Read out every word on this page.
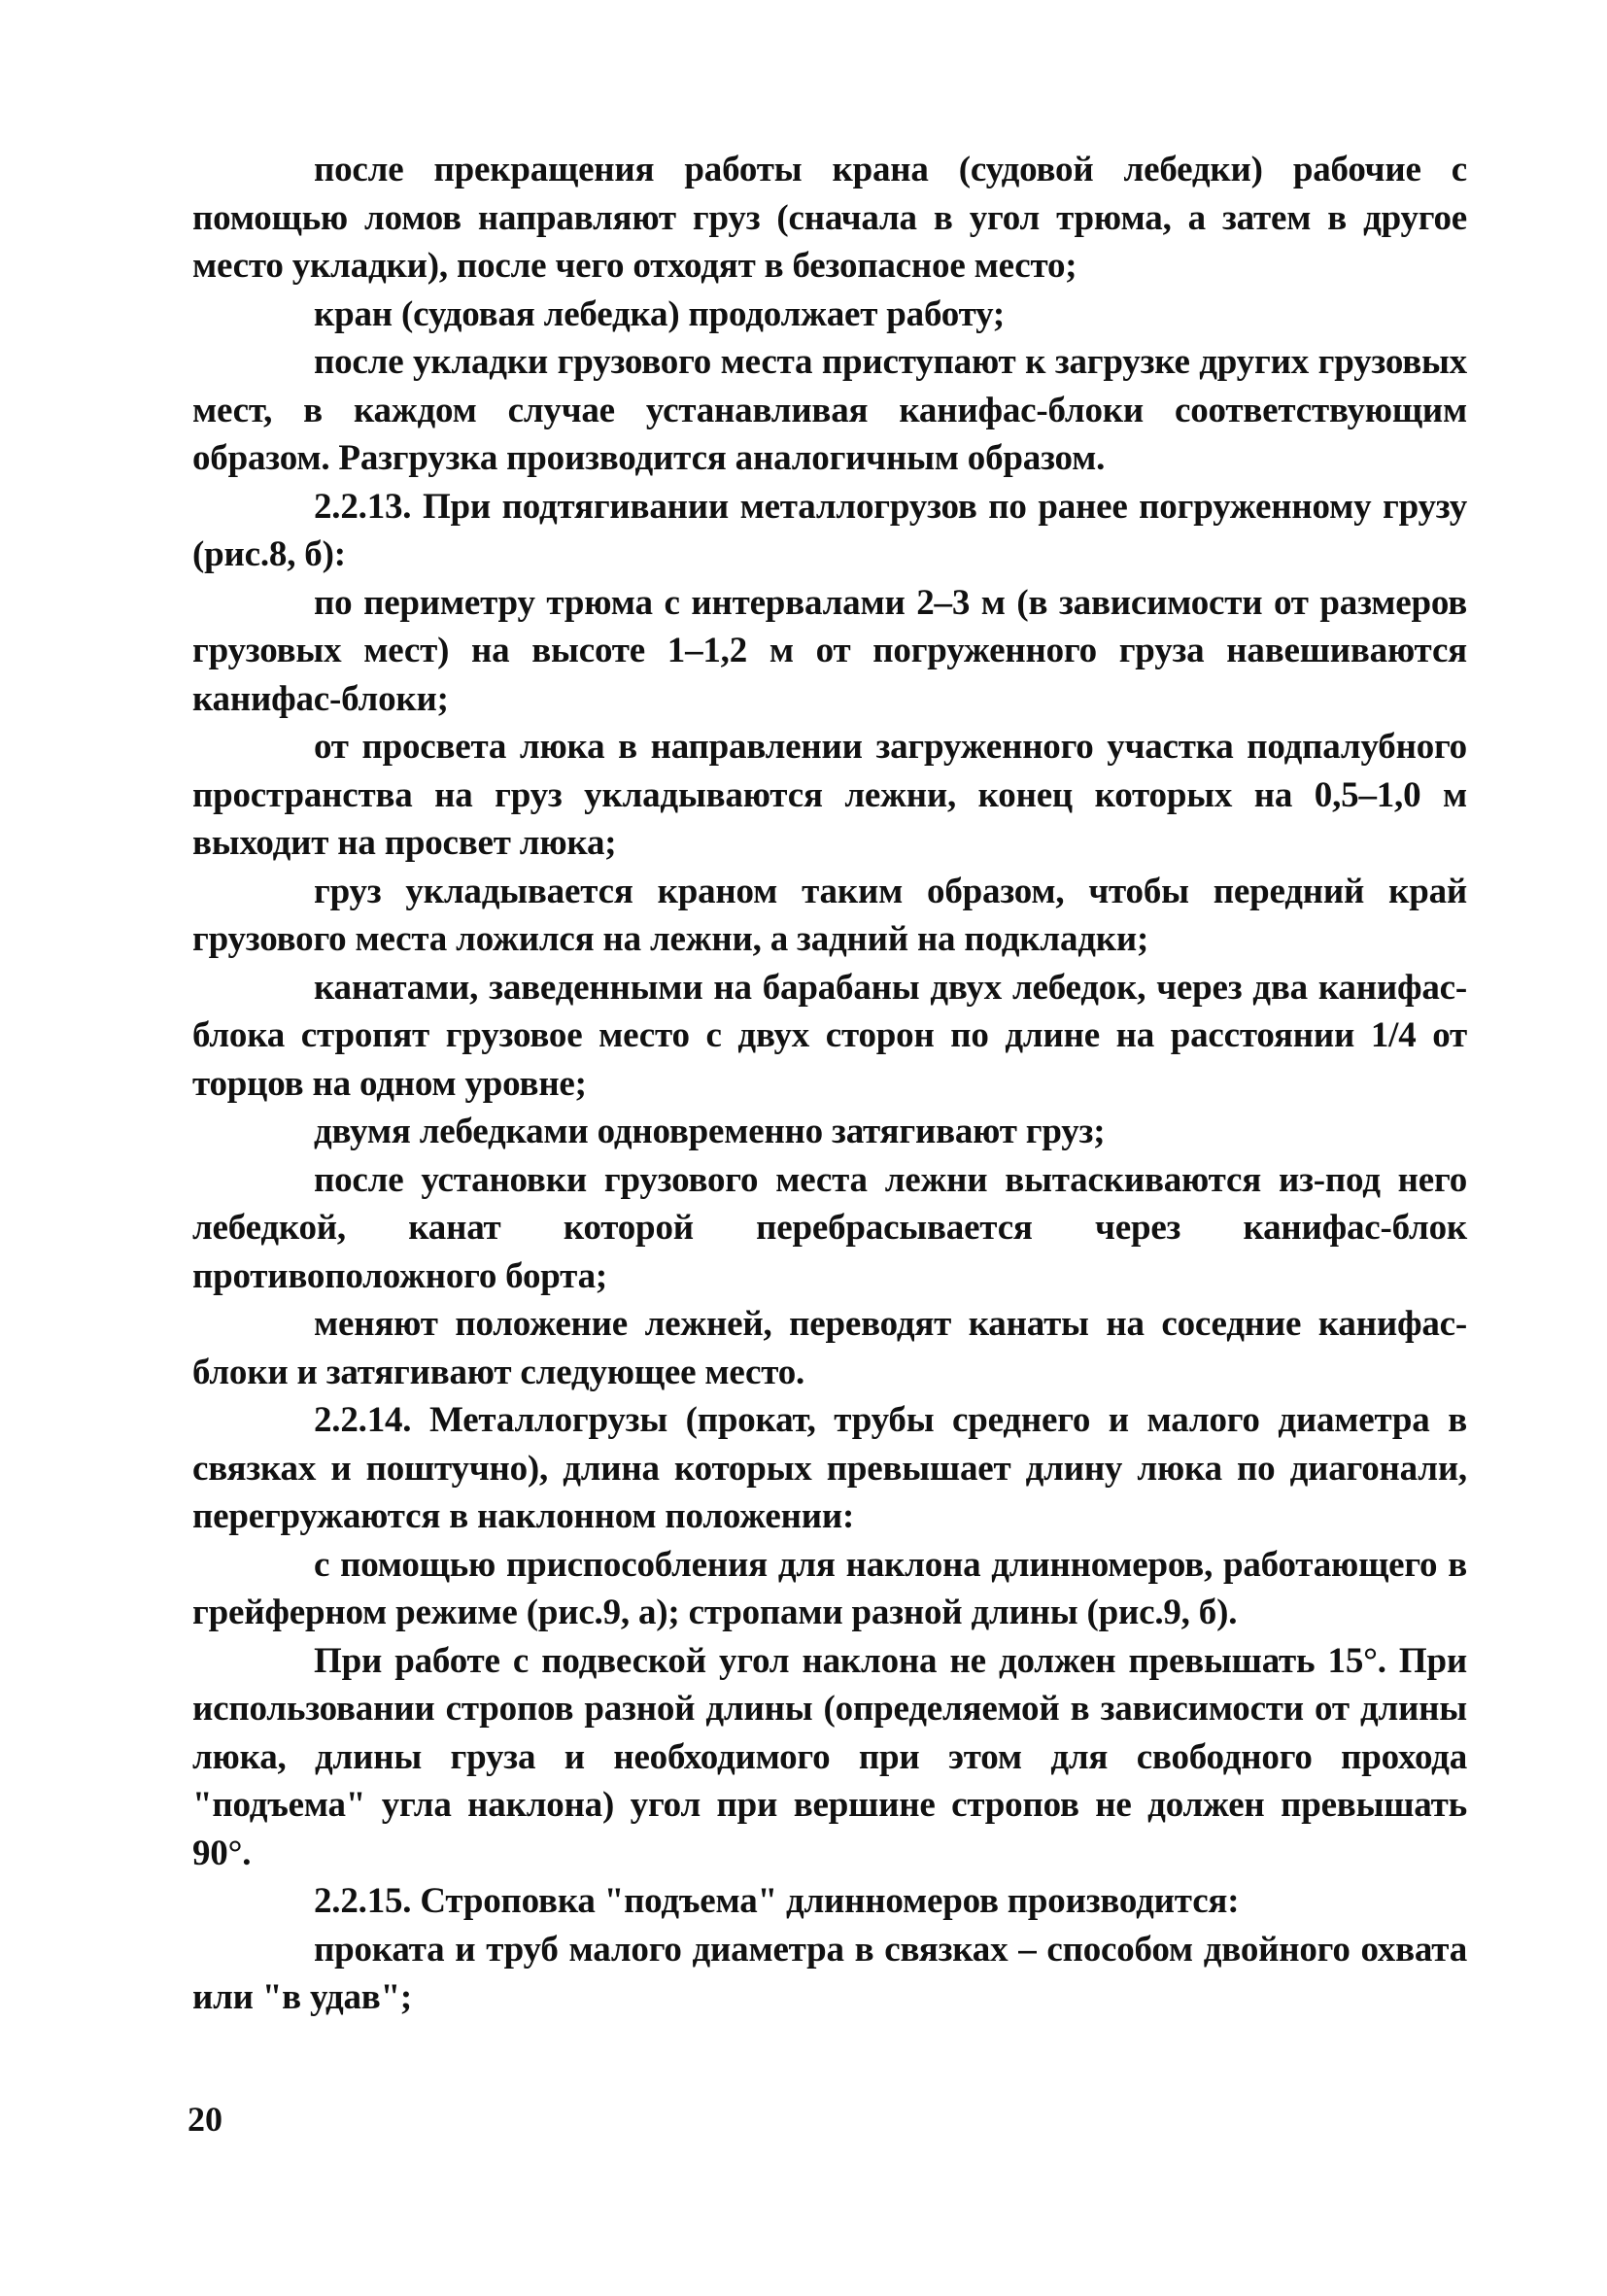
после прекращения работы крана (судовой лебедки) рабочие с помощью ломов направляют груз (сначала в угол трюма, а затем в другое место укладки), после чего отходят в безопасное место;

кран (судовая лебедка) продолжает работу;

после укладки грузового места приступают к загрузке других грузовых мест, в каждом случае устанавливая канифас-блоки соответствующим образом. Разгрузка производится аналогичным образом.

2.2.13. При подтягивании металлогрузов по ранее погруженному грузу (рис.8, б):

по периметру трюма с интервалами 2–3 м (в зависимости от размеров грузовых мест) на высоте 1–1,2 м от погруженного груза навешиваются канифас-блоки;

от просвета люка в направлении загруженного участка подпалубного пространства на груз укладываются лежни, конец которых на 0,5–1,0 м выходит на просвет люка;

груз укладывается краном таким образом, чтобы передний край грузового места ложился на лежни, а задний на подкладки;

канатами, заведенными на барабаны двух лебедок, через два канифас-блока стропят грузовое место с двух сторон по длине на расстоянии 1/4 от торцов на одном уровне;

двумя лебедками одновременно затягивают груз;

после установки грузового места лежни вытаскиваются из-под него лебедкой, канат которой перебрасывается через канифас-блок противоположного борта;

меняют положение лежней, переводят канаты на соседние канифас-блоки и затягивают следующее место.

2.2.14. Металлогрузы (прокат, трубы среднего и малого диаметра в связках и поштучно), длина которых превышает длину люка по диагонали, перегружаются в наклонном положении:

с помощью приспособления для наклона длинномеров, работающего в грейферном режиме (рис.9, а); стропами разной длины (рис.9, б).

При работе с подвеской угол наклона не должен превышать 15°. При использовании стропов разной длины (определяемой в зависимости от длины люка, длины груза и необходимого при этом для свободного прохода "подъема" угла наклона) угол при вершине стропов не должен превышать 90°.

2.2.15. Строповка "подъема" длинномеров производится:

проката и труб малого диаметра в связках – способом двойного охвата или "в удав";

20
